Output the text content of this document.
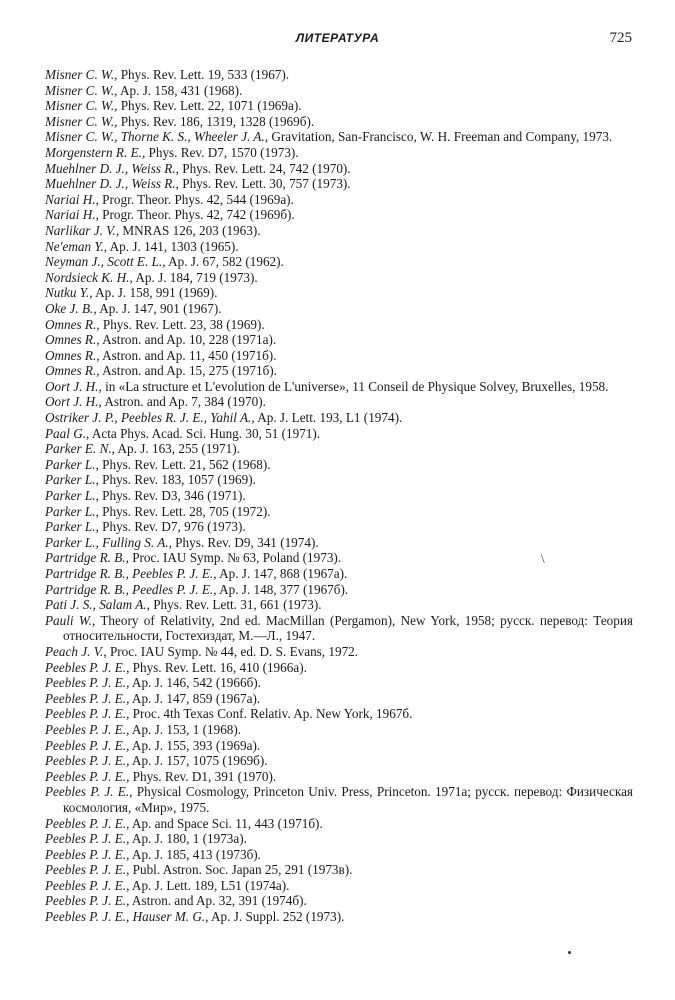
ЛИТЕРАТУРА	725
Misner C. W., Phys. Rev. Lett. 19, 533 (1967).
Misner C. W., Ap. J. 158, 431 (1968).
Misner C. W., Phys. Rev. Lett. 22, 1071 (1969a).
Misner C. W., Phys. Rev. 186, 1319, 1328 (1969б).
Misner C. W., Thorne K. S., Wheeler J. A., Gravitation, San-Francisco, W. H. Freeman and Company, 1973.
Morgenstern R. E., Phys. Rev. D7, 1570 (1973).
Muehlner D. J., Weiss R., Phys. Rev. Lett. 24, 742 (1970).
Muehlner D. J., Weiss R., Phys. Rev. Lett. 30, 757 (1973).
Nariai H., Progr. Theor. Phys. 42, 544 (1969a).
Nariai H., Progr. Theor. Phys. 42, 742 (1969б).
Narlikar J. V., MNRAS 126, 203 (1963).
Ne'eman Y., Ap. J. 141, 1303 (1965).
Neyman J., Scott E. L., Ap. J. 67, 582 (1962).
Nordsieck K. H., Ap. J. 184, 719 (1973).
Nutku Y., Ap. J. 158, 991 (1969).
Oke J. B., Ap. J. 147, 901 (1967).
Omnes R., Phys. Rev. Lett. 23, 38 (1969).
Omnes R., Astron. and Ap. 10, 228 (1971a).
Omnes R., Astron. and Ap. 11, 450 (1971б).
Omnes R., Astron. and Ap. 15, 275 (1971б).
Oort J. H., in «La structure et L'evolution de L'universe», 11 Conseil de Physique Solvey, Bruxelles, 1958.
Oort J. H., Astron. and Ap. 7, 384 (1970).
Ostriker J. P., Peebles R. J. E., Yahil A., Ap. J. Lett. 193, L1 (1974).
Paal G., Acta Phys. Acad. Sci. Hung. 30, 51 (1971).
Parker E. N., Ap. J. 163, 255 (1971).
Parker L., Phys. Rev. Lett. 21, 562 (1968).
Parker L., Phys. Rev. 183, 1057 (1969).
Parker L., Phys. Rev. D3, 346 (1971).
Parker L., Phys. Rev. Lett. 28, 705 (1972).
Parker L., Phys. Rev. D7, 976 (1973).
Parker L., Fulling S. A., Phys. Rev. D9, 341 (1974).
Partridge R. B., Proc. IAU Symp. № 63, Poland (1973).
Partridge R. B., Peebles P. J. E., Ap. J. 147, 868 (1967a).
Partridge R. B., Peedles P. J. E., Ap. J. 148, 377 (1967б).
Pati J. S., Salam A., Phys. Rev. Lett. 31, 661 (1973).
Pauli W., Theory of Relativity, 2nd ed. MacMillan (Pergamon), New York, 1958; русск. перевод: Теория относительности, Гостехиздат, М.—Л., 1947.
Peach J. V., Proc. IAU Symp. № 44, ed. D. S. Evans, 1972.
Peebles P. J. E., Phys. Rev. Lett. 16, 410 (1966a).
Peebles P. J. E., Ap. J. 146, 542 (1966б).
Peebles P. J. E., Ap. J. 147, 859 (1967a).
Peebles P. J. E., Proc. 4th Texas Conf. Relativ. Ap. New York, 1967б.
Peebles P. J. E., Ap. J. 153, 1 (1968).
Peebles P. J. E., Ap. J. 155, 393 (1969a).
Peebles P. J. E., Ap. J. 157, 1075 (1969б).
Peebles P. J. E., Phys. Rev. D1, 391 (1970).
Peebles P. J. E., Physical Cosmology, Princeton Univ. Press, Princeton. 1971a; русск. перевод: Физическая космология, «Мир», 1975.
Peebles P. J. E., Ap. and Space Sci. 11, 443 (1971б).
Peebles P. J. E., Ap. J. 180, 1 (1973a).
Peebles P. J. E., Ap. J. 185, 413 (1973б).
Peebles P. J. E., Publ. Astron. Soc. Japan 25, 291 (1973в).
Peebles P. J. E., Ap. J. Lett. 189, L51 (1974a).
Peebles P. J. E., Astron. and Ap. 32, 391 (1974б).
Peebles P. J. E., Hauser M. G., Ap. J. Suppl. 252 (1973).
\
